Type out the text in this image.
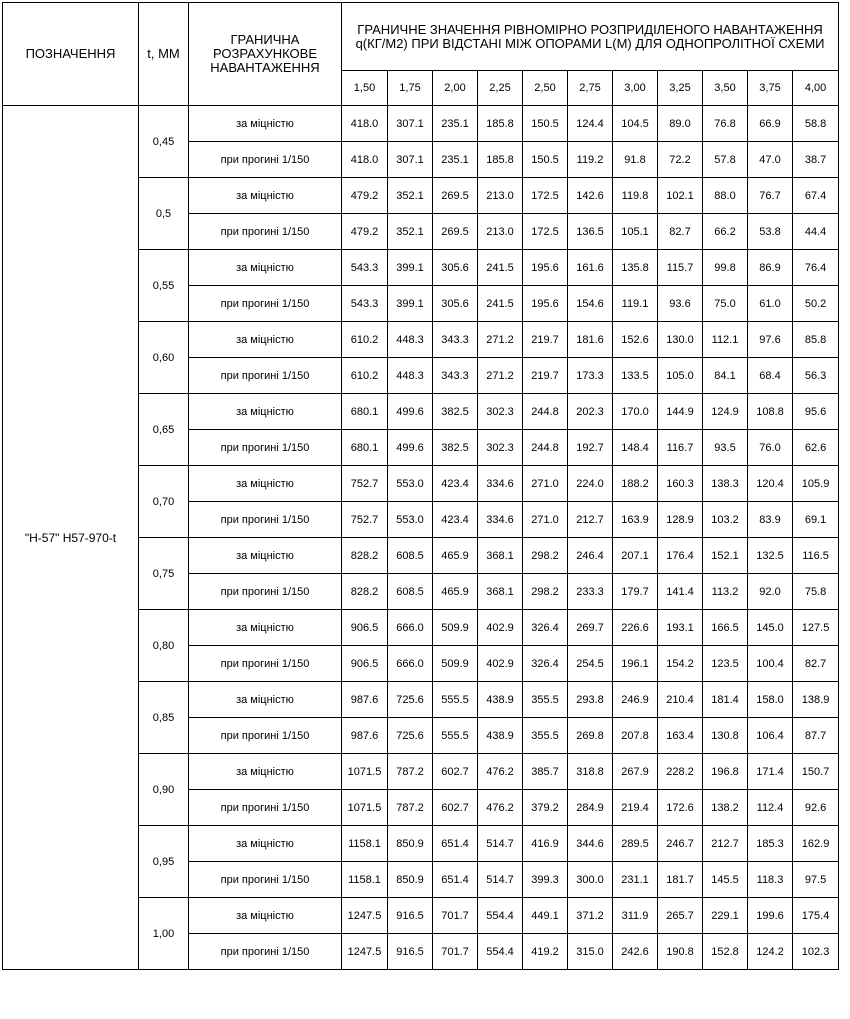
ПОЗНАЧЕННЯ	t, MM	ГРАНИЧНА РОЗРАХУНКОВЕ НАВАНТАЖЕННЯ	ГРАНИЧНЕ ЗНАЧЕННЯ РІВНОМІРНО РОЗПРИДІЛЕНОГО НАВАНТАЖЕННЯ q(КГ/М2) ПРИ ВІДСТАНІ МІЖ ОПОРАМИ L(М) ДЛЯ ОДНОПРОЛІТНОЇ СХЕМИ										
			1,50	1,75	2,00	2,25	2,50	2,75	3,00	3,25	3,50	3,75	4,00
"Н-57" Н57-970-t	0,45	за міцністю	418.0	307.1	235.1	185.8	150.5	124.4	104.5	89.0	76.8	66.9	58.8
		при прогині 1/150	418.0	307.1	235.1	185.8	150.5	119.2	91.8	72.2	57.8	47.0	38.7
	0,5	за міцністю	479.2	352.1	269.5	213.0	172.5	142.6	119.8	102.1	88.0	76.7	67.4
		при прогині 1/150	479.2	352.1	269.5	213.0	172.5	136.5	105.1	82.7	66.2	53.8	44.4
	0,55	за міцністю	543.3	399.1	305.6	241.5	195.6	161.6	135.8	115.7	99.8	86.9	76.4
		при прогині 1/150	543.3	399.1	305.6	241.5	195.6	154.6	119.1	93.6	75.0	61.0	50.2
	0,60	за міцністю	610.2	448.3	343.3	271.2	219.7	181.6	152.6	130.0	112.1	97.6	85.8
		при прогині 1/150	610.2	448.3	343.3	271.2	219.7	173.3	133.5	105.0	84.1	68.4	56.3
	0,65	за міцністю	680.1	499.6	382.5	302.3	244.8	202.3	170.0	144.9	124.9	108.8	95.6
		при прогині 1/150	680.1	499.6	382.5	302.3	244.8	192.7	148.4	116.7	93.5	76.0	62.6
	0,70	за міцністю	752.7	553.0	423.4	334.6	271.0	224.0	188.2	160.3	138.3	120.4	105.9
		при прогині 1/150	752.7	553.0	423.4	334.6	271.0	212.7	163.9	128.9	103.2	83.9	69.1
	0,75	за міцністю	828.2	608.5	465.9	368.1	298.2	246.4	207.1	176.4	152.1	132.5	116.5
		при прогині 1/150	828.2	608.5	465.9	368.1	298.2	233.3	179.7	141.4	113.2	92.0	75.8
	0,80	за міцністю	906.5	666.0	509.9	402.9	326.4	269.7	226.6	193.1	166.5	145.0	127.5
		при прогині 1/150	906.5	666.0	509.9	402.9	326.4	254.5	196.1	154.2	123.5	100.4	82.7
	0,85	за міцністю	987.6	725.6	555.5	438.9	355.5	293.8	246.9	210.4	181.4	158.0	138.9
		при прогині 1/150	987.6	725.6	555.5	438.9	355.5	269.8	207.8	163.4	130.8	106.4	87.7
	0,90	за міцністю	1071.5	787.2	602.7	476.2	385.7	318.8	267.9	228.2	196.8	171.4	150.7
		при прогині 1/150	1071.5	787.2	602.7	476.2	379.2	284.9	219.4	172.6	138.2	112.4	92.6
	0,95	за міцністю	1158.1	850.9	651.4	514.7	416.9	344.6	289.5	246.7	212.7	185.3	162.9
		при прогині 1/150	1158.1	850.9	651.4	514.7	399.3	300.0	231.1	181.7	145.5	118.3	97.5
	1,00	за міцністю	1247.5	916.5	701.7	554.4	449.1	371.2	311.9	265.7	229.1	199.6	175.4
		при прогині 1/150	1247.5	916.5	701.7	554.4	419.2	315.0	242.6	190.8	152.8	124.2	102.3
